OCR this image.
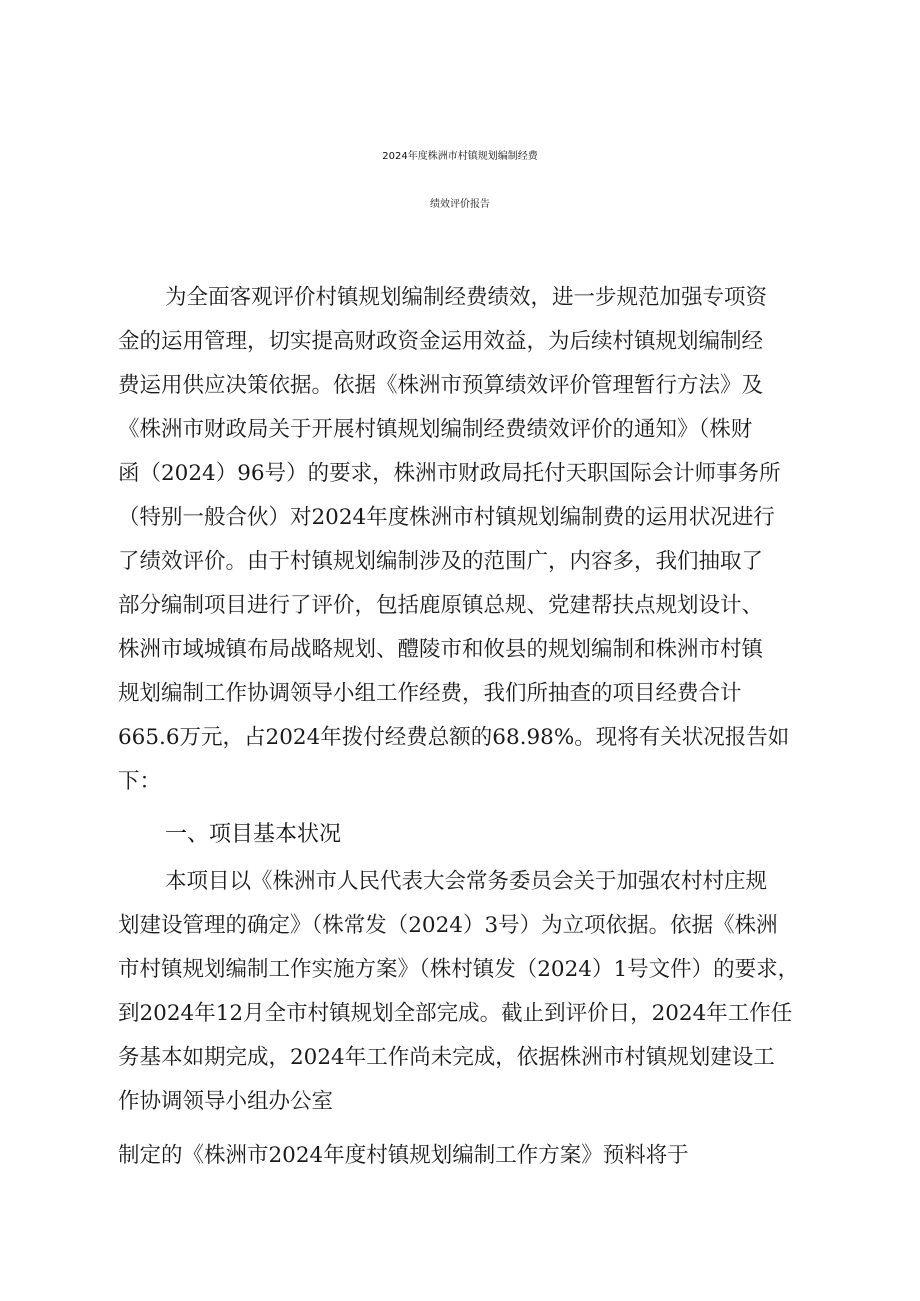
2024年度株洲市村镇规划编制经费
绩效评价报告
为全面客观评价村镇规划编制经费绩效，进一步规范加强专项资
金的运用管理，切实提高财政资金运用效益，为后续村镇规划编制经
费运用供应决策依据。依据《株洲市预算绩效评价管理暂行方法》及
《株洲市财政局关于开展村镇规划编制经费绩效评价的通知》（株财
函（2024）96号）的要求，株洲市财政局托付天职国际会计师事务所
（特别一般合伙）对2024年度株洲市村镇规划编制费的运用状况进行
了绩效评价。由于村镇规划编制涉及的范围广，内容多，我们抽取了
部分编制项目进行了评价，包括鹿原镇总规、党建帮扶点规划设计、
株洲市域城镇布局战略规划、醴陵市和攸县的规划编制和株洲市村镇
规划编制工作协调领导小组工作经费，我们所抽查的项目经费合计
665.6万元，占2024年拨付经费总额的68.98%。现将有关状况报告如
下：
一、项目基本状况
本项目以《株洲市人民代表大会常务委员会关于加强农村村庄规
划建设管理的确定》（株常发（2024）3号）为立项依据。依据《株洲
市村镇规划编制工作实施方案》（株村镇发（2024）1号文件）的要求，
到2024年12月全市村镇规划全部完成。截止到评价日，2024年工作任
务基本如期完成，2024年工作尚未完成，依据株洲市村镇规划建设工
作协调领导小组办公室
制定的《株洲市2024年度村镇规划编制工作方案》预料将于
